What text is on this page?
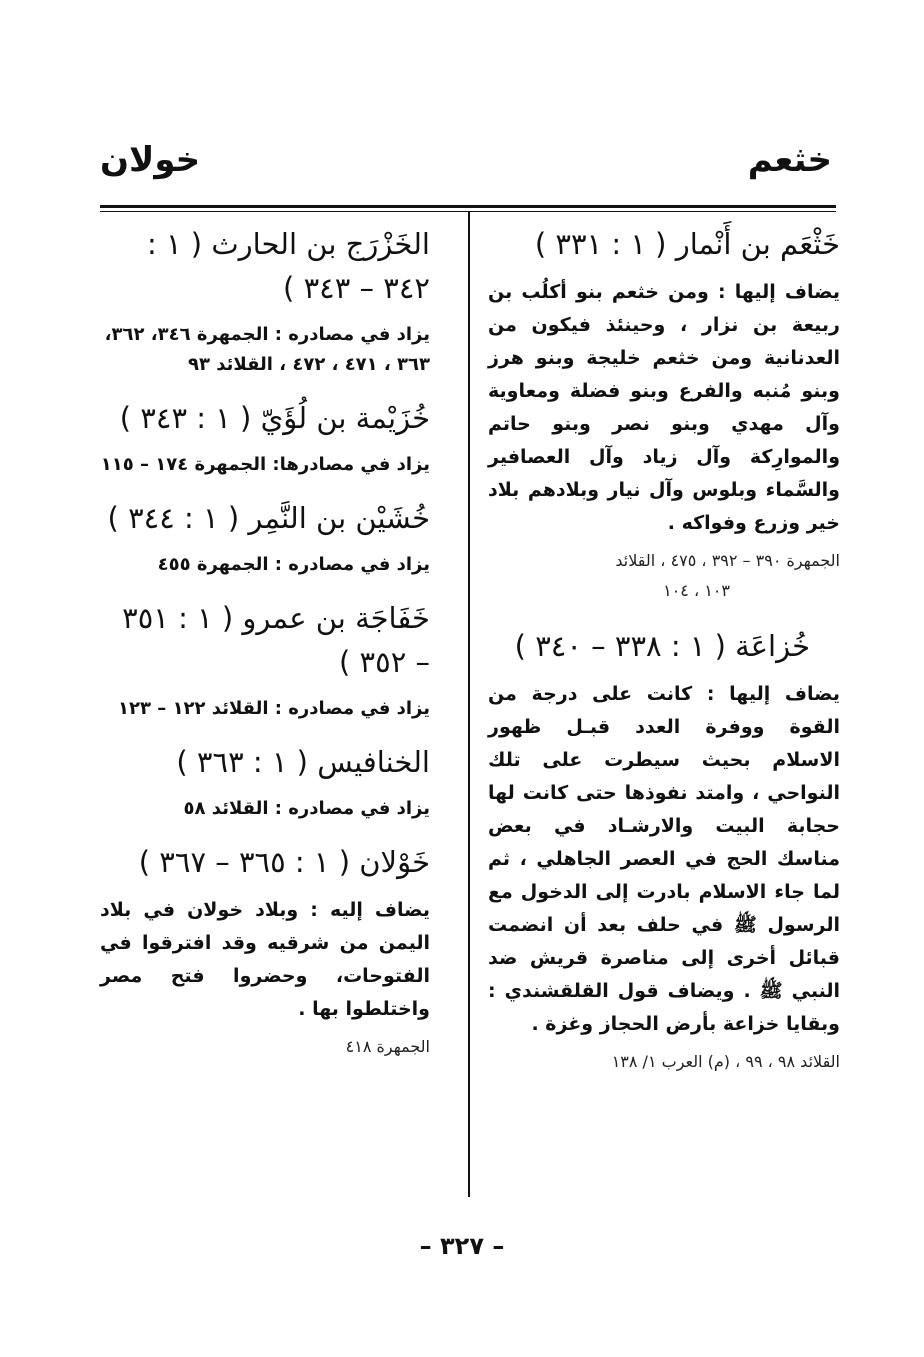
خثعم
خولان
خَثْعَم بن أَنْمار ( ١ : ٣٣١ )
يضاف إليها : ومن خثعم بنو أكلُب بن ربيعة بن نزار ، وحينئذ فيكون من العدنانية ومن خثعم خليجة وبنو هرز وبنو مُنبه والفرع وبنو فضلة ومعاوية وآل مهدي وبنو نصر وبنو حاتم والموارِكة وآل زياد وآل العصافير والسَّماء وبلوس وآل نيار وبلادهم بلاد خير وزرع وفواكه .
الجمهرة ٣٩٠ – ٣٩٢ ، ٤٧٥ ، القلائد
١٠٣ ، ١٠٤
خُزاعَة ( ١ : ٣٣٨ – ٣٤٠ )
يضاف إليها : كانت على درجة من القوة ووفرة العدد قبـل ظهور الاسلام بحيث سيطرت على تلك النواحي ، وامتد نفوذها حتى كانت لها حجابة البيت والارشـاد في بعض مناسك الحج في العصر الجاهلي ، ثم لما جاء الاسلام بادرت إلى الدخول مع الرسول ﷺ في حلف بعد أن انضمت قبائل أخرى إلى مناصرة قريش ضد النبي ﷺ . ويضاف قول القلقشندي : وبقايا خزاعة بأرض الحجاز وغزة .
القلائد ٩٨ ، ٩٩ ، (م) العرب ١/ ١٣٨
الخَزْرَج بن الحارث ( ١ : ٣٤٢ – ٣٤٣ )
يزاد في مصادره : الجمهرة ٣٤٦، ٣٦٢، ٣٦٣ ، ٤٧١ ، ٤٧٢ ، القلائد ٩٣
خُزَيْمة بن لُؤَيّ ( ١ : ٣٤٣ )
يزاد في مصادرها: الجمهرة ١٧٤ – ١١٥
خُشَيْن بن النَّمِر ( ١ : ٣٤٤ )
يزاد في مصادره : الجمهرة ٤٥٥
خَفَاجَة بن عمرو ( ١ : ٣٥١ – ٣٥٢ )
يزاد في مصادره : القلائد ١٢٢ – ١٢٣
الخنافيس ( ١ : ٣٦٣ )
يزاد في مصادره : القلائد ٥٨
خَوْلان ( ١ : ٣٦٥ – ٣٦٧ )
يضاف إليه : وبلاد خولان في بلاد اليمن من شرقيه وقد افترقوا في الفتوحات، وحضروا فتح مصر واختلطوا بها .
الجمهرة ٤١٨
– ٣٢٧ –
